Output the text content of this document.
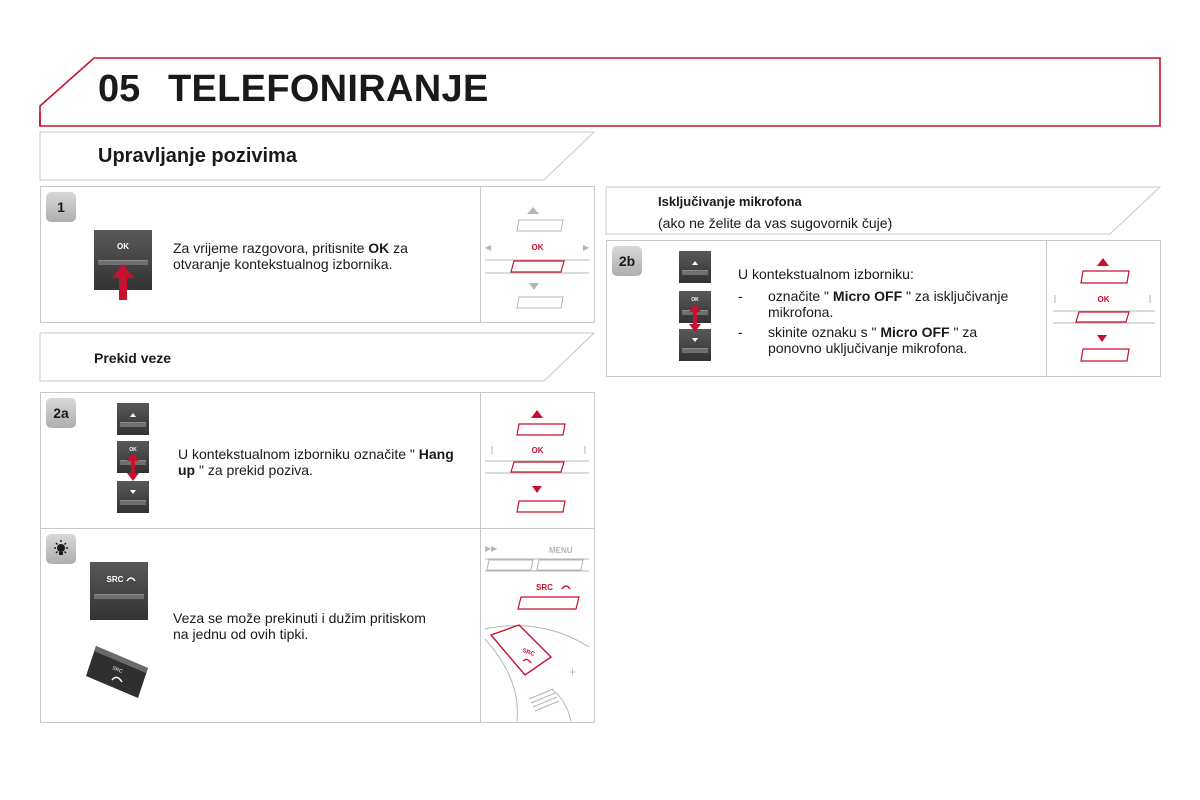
05 TELEFONIRANJE
Upravljanje pozivima
1
OK	Za vrijeme razgovora, pritisnite OK za otvaranje kontekstualnog izbornika.
◀	▶
OK
Prekid veze
2a
OK	U kontekstualnom izborniku označite " Hang up " za prekid poziva.
OK
SRC
SRC
Veza se može prekinuti i dužim pritiskom na jednu od ovih tipki.
▶▶	MENU
SRC
SRC
+
Isključivanje mikrofona
(ako ne želite da vas sugovornik čuje)
2b
OK
U kontekstualnom izborniku:
- označite " Micro OFF " za isključivanje mikrofona.
- skinite oznaku s " Micro OFF " za ponovno uključivanje mikrofona.
OK
